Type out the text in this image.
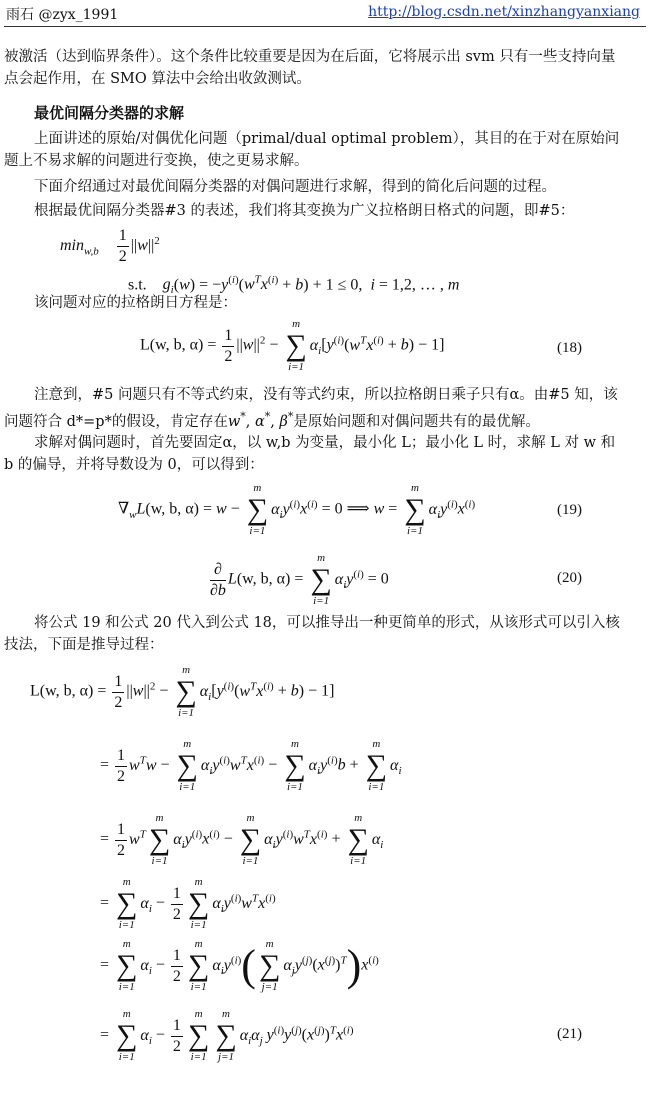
雨石 @zyx_1991	http://blog.csdn.net/xinzhangyanxiang
被激活（达到临界条件）。这个条件比较重要是因为在后面，它将展示出 svm 只有一些支持向量点会起作用，在 SMO 算法中会给出收敛测试。
最优间隔分类器的求解
上面讲述的原始/对偶优化问题（primal/dual optimal problem），其目的在于对在原始问题上不易求解的问题进行变换，使之更易求解。
下面介绍通过对最优间隔分类器的对偶问题进行求解，得到的简化后问题的过程。
根据最优间隔分类器#3 的表述，我们将其变换为广义拉格朗日格式的问题，即#5：
$\min_{w,b} \frac{1}{2} ||w||^2$
s.t.    $g_i(w) = -y^{(i)}(w^Tx^{(i)} + b) + 1 \le 0$,  i = 1,2, … , m
该问题对应的拉格朗日方程是：
L(w, b, $\alpha) = \frac{1}{2} ||w||^2$ −
m
∑
i=1
$\alpha_i[y^{(i)}(w^Tx^{(i)} + b) - 1]$	(18)
注意到，#5 问题只有不等式约束，没有等式约束，所以拉格朗日乘子只有α。由#5 知，该问题符合 d*=p*的假设，肯定存在w*, α*, β*是原始问题和对偶问题共有的最优解。
求解对偶问题时，首先要固定α，以 w,b 为变量，最小化 L；最小化 L 时，求解 L 对 w 和 b 的偏导，并将导数设为 0，可以得到：
$\nabla_wL(w$, b, α) = w −
m
∑
i=1
$\alpha_iy^{(i)}x^{(i)} = 0$ ⟹ w =
m
∑
i=1
$\alpha_iy^{(i)}x^{(i)}$	(19)
$\frac{\partial}{\partial b} L(w$, b, α) =
m
∑
i=1
$\alpha_iy^{(i)} = 0$	(20)
将公式 19 和公式 20 代入到公式 18，可以推导出一种更简单的形式，从该形式可以引入核技法，下面是推导过程：
L(w, b, $\alpha) = \frac{1}{2} ||w||^2$ −
m
∑
i=1
$\alpha_i[y^{(i)}(w^Tx^{(i)} + b) - 1]$
= $\frac{1}{2} w^Tw$ −
m
∑
i=1
$\alpha_iy^{(i)}w^Tx^{(i)}$ −
m
∑
i=1
$\alpha_iy^{(i)}b$ +
m
∑
i=1
$\alpha_i$
= $\frac{1}{2} w^T$
m
∑
i=1
$\alpha_iy^{(i)}x^{(i)}$ −
m
∑
i=1
$\alpha_iy^{(i)}w^Tx^{(i)}$ +
m
∑
i=1
$\alpha_i$
=
m
∑
i=1
$\alpha_i - \frac{1}{2}$
m
∑
i=1
$\alpha_iy^{(i)}w^Tx^{(i)}$
=
m
∑
i=1
$\alpha_i - \frac{1}{2}$
m
∑
i=1
$\alpha_iy^{(i)}$( m
∑
j=1
$\alpha_jy^{(j)}(x^{(j)})^T)x^{(i)}$
=
m
∑
i=1
$\alpha_i - \frac{1}{2}$
m
∑
i=1
m
∑
j=1
$\alpha_i\alpha_j$ $y^{(i)}y^{(j)}(x^{(j)})^Tx^{(i)}$	(21)
